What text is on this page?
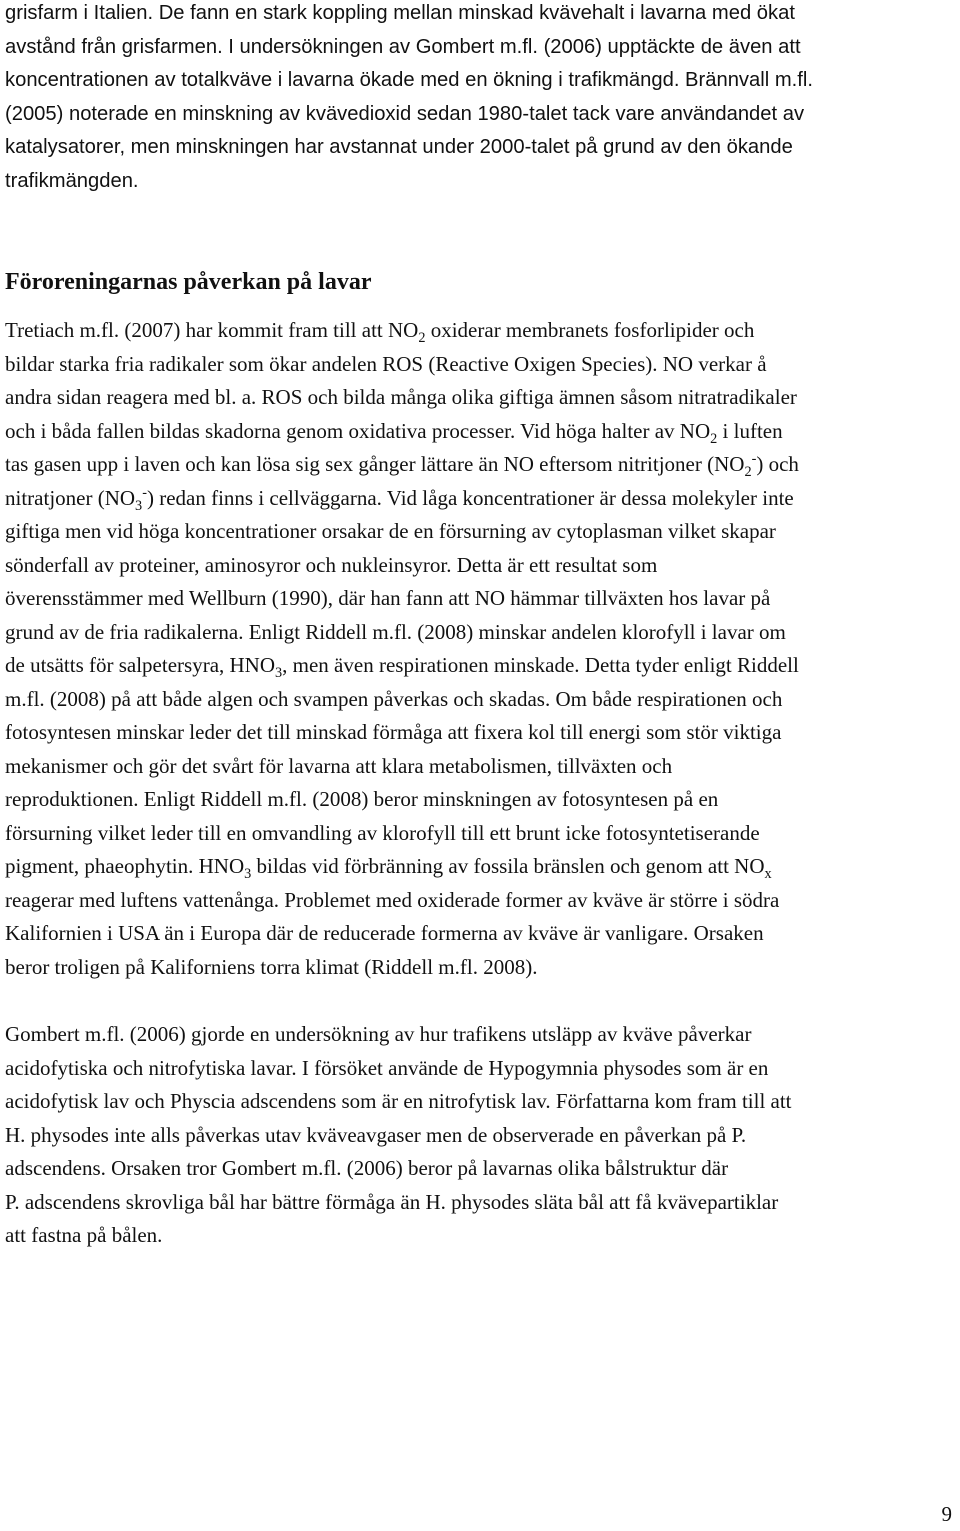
grisfarm i Italien. De fann en stark koppling mellan minskad kvävehalt i lavarna med ökat
avstånd från grisfarmen. I undersökningen av Gombert m.fl. (2006) upptäckte de även att
koncentrationen av totalkväve i lavarna ökade med en ökning i trafikmängd. Brännvall m.fl.
(2005) noterade en minskning av kvävedioxid sedan 1980-talet tack vare användandet av
katalysatorer, men minskningen har avstannat under 2000-talet på grund av den ökande
trafikmängden.
Föroreningarnas påverkan på lavar
Tretiach m.fl. (2007) har kommit fram till att $NO_2$ oxiderar membranets fosforlipider och
bildar starka fria radikaler som ökar andelen ROS (Reactive Oxigen Species). NO verkar å
andra sidan reagera med bl. a. ROS och bilda många olika giftiga ämnen såsom nitratradikaler
och i båda fallen bildas skadorna genom oxidativa processer. Vid höga halter av $NO_2$ i luften
tas gasen upp i laven och kan lösa sig sex gånger lättare än NO eftersom nitritjoner $(NO_2^-)$ och
nitratjoner $(NO_3^-)$ redan finns i cellväggarna. Vid låga koncentrationer är dessa molekyler inte
giftiga men vid höga koncentrationer orsakar de en försurning av cytoplasman vilket skapar
sönderfall av proteiner, aminosyror och nukleinsyror. Detta är ett resultat som
överensstämmer med Wellburn (1990), där han fann att NO hämmar tillväxten hos lavar på
grund av de fria radikalerna. Enligt Riddell m.fl. (2008) minskar andelen klorofyll i lavar om
de utsätts för salpetersyra, $HNO_3$, men även respirationen minskade. Detta tyder enligt Riddell
m.fl. (2008) på att både algen och svampen påverkas och skadas. Om både respirationen och
fotosyntesen minskar leder det till minskad förmåga att fixera kol till energi som stör viktiga
mekanismer och gör det svårt för lavarna att klara metabolismen, tillväxten och
reproduktionen. Enligt Riddell m.fl. (2008) beror minskningen av fotosyntesen på en
försurning vilket leder till en omvandling av klorofyll till ett brunt icke fotosyntetiserande
pigment, phaeophytin. $HNO_3$ bildas vid förbränning av fossila bränslen och genom att $NO_x$
reagerar med luftens vattenånga. Problemet med oxiderade former av kväve är större i södra
Kalifornien i USA än i Europa där de reducerade formerna av kväve är vanligare. Orsaken
beror troligen på Kaliforniens torra klimat (Riddell m.fl. 2008).
Gombert m.fl. (2006) gjorde en undersökning av hur trafikens utsläpp av kväve påverkar
acidofytiska och nitrofytiska lavar. I försöket använde de Hypogymnia physodes som är en
acidofytisk lav och Physcia adscendens som är en nitrofytisk lav. Författarna kom fram till att
H. physodes inte alls påverkas utav kväveavgaser men de observerade en påverkan på P.
adscendens. Orsaken tror Gombert m.fl. (2006) beror på lavarnas olika bålstruktur där
P. adscendens skrovliga bål har bättre förmåga än H. physodes släta bål att få kvävepartiklar
att fastna på bålen.
9
